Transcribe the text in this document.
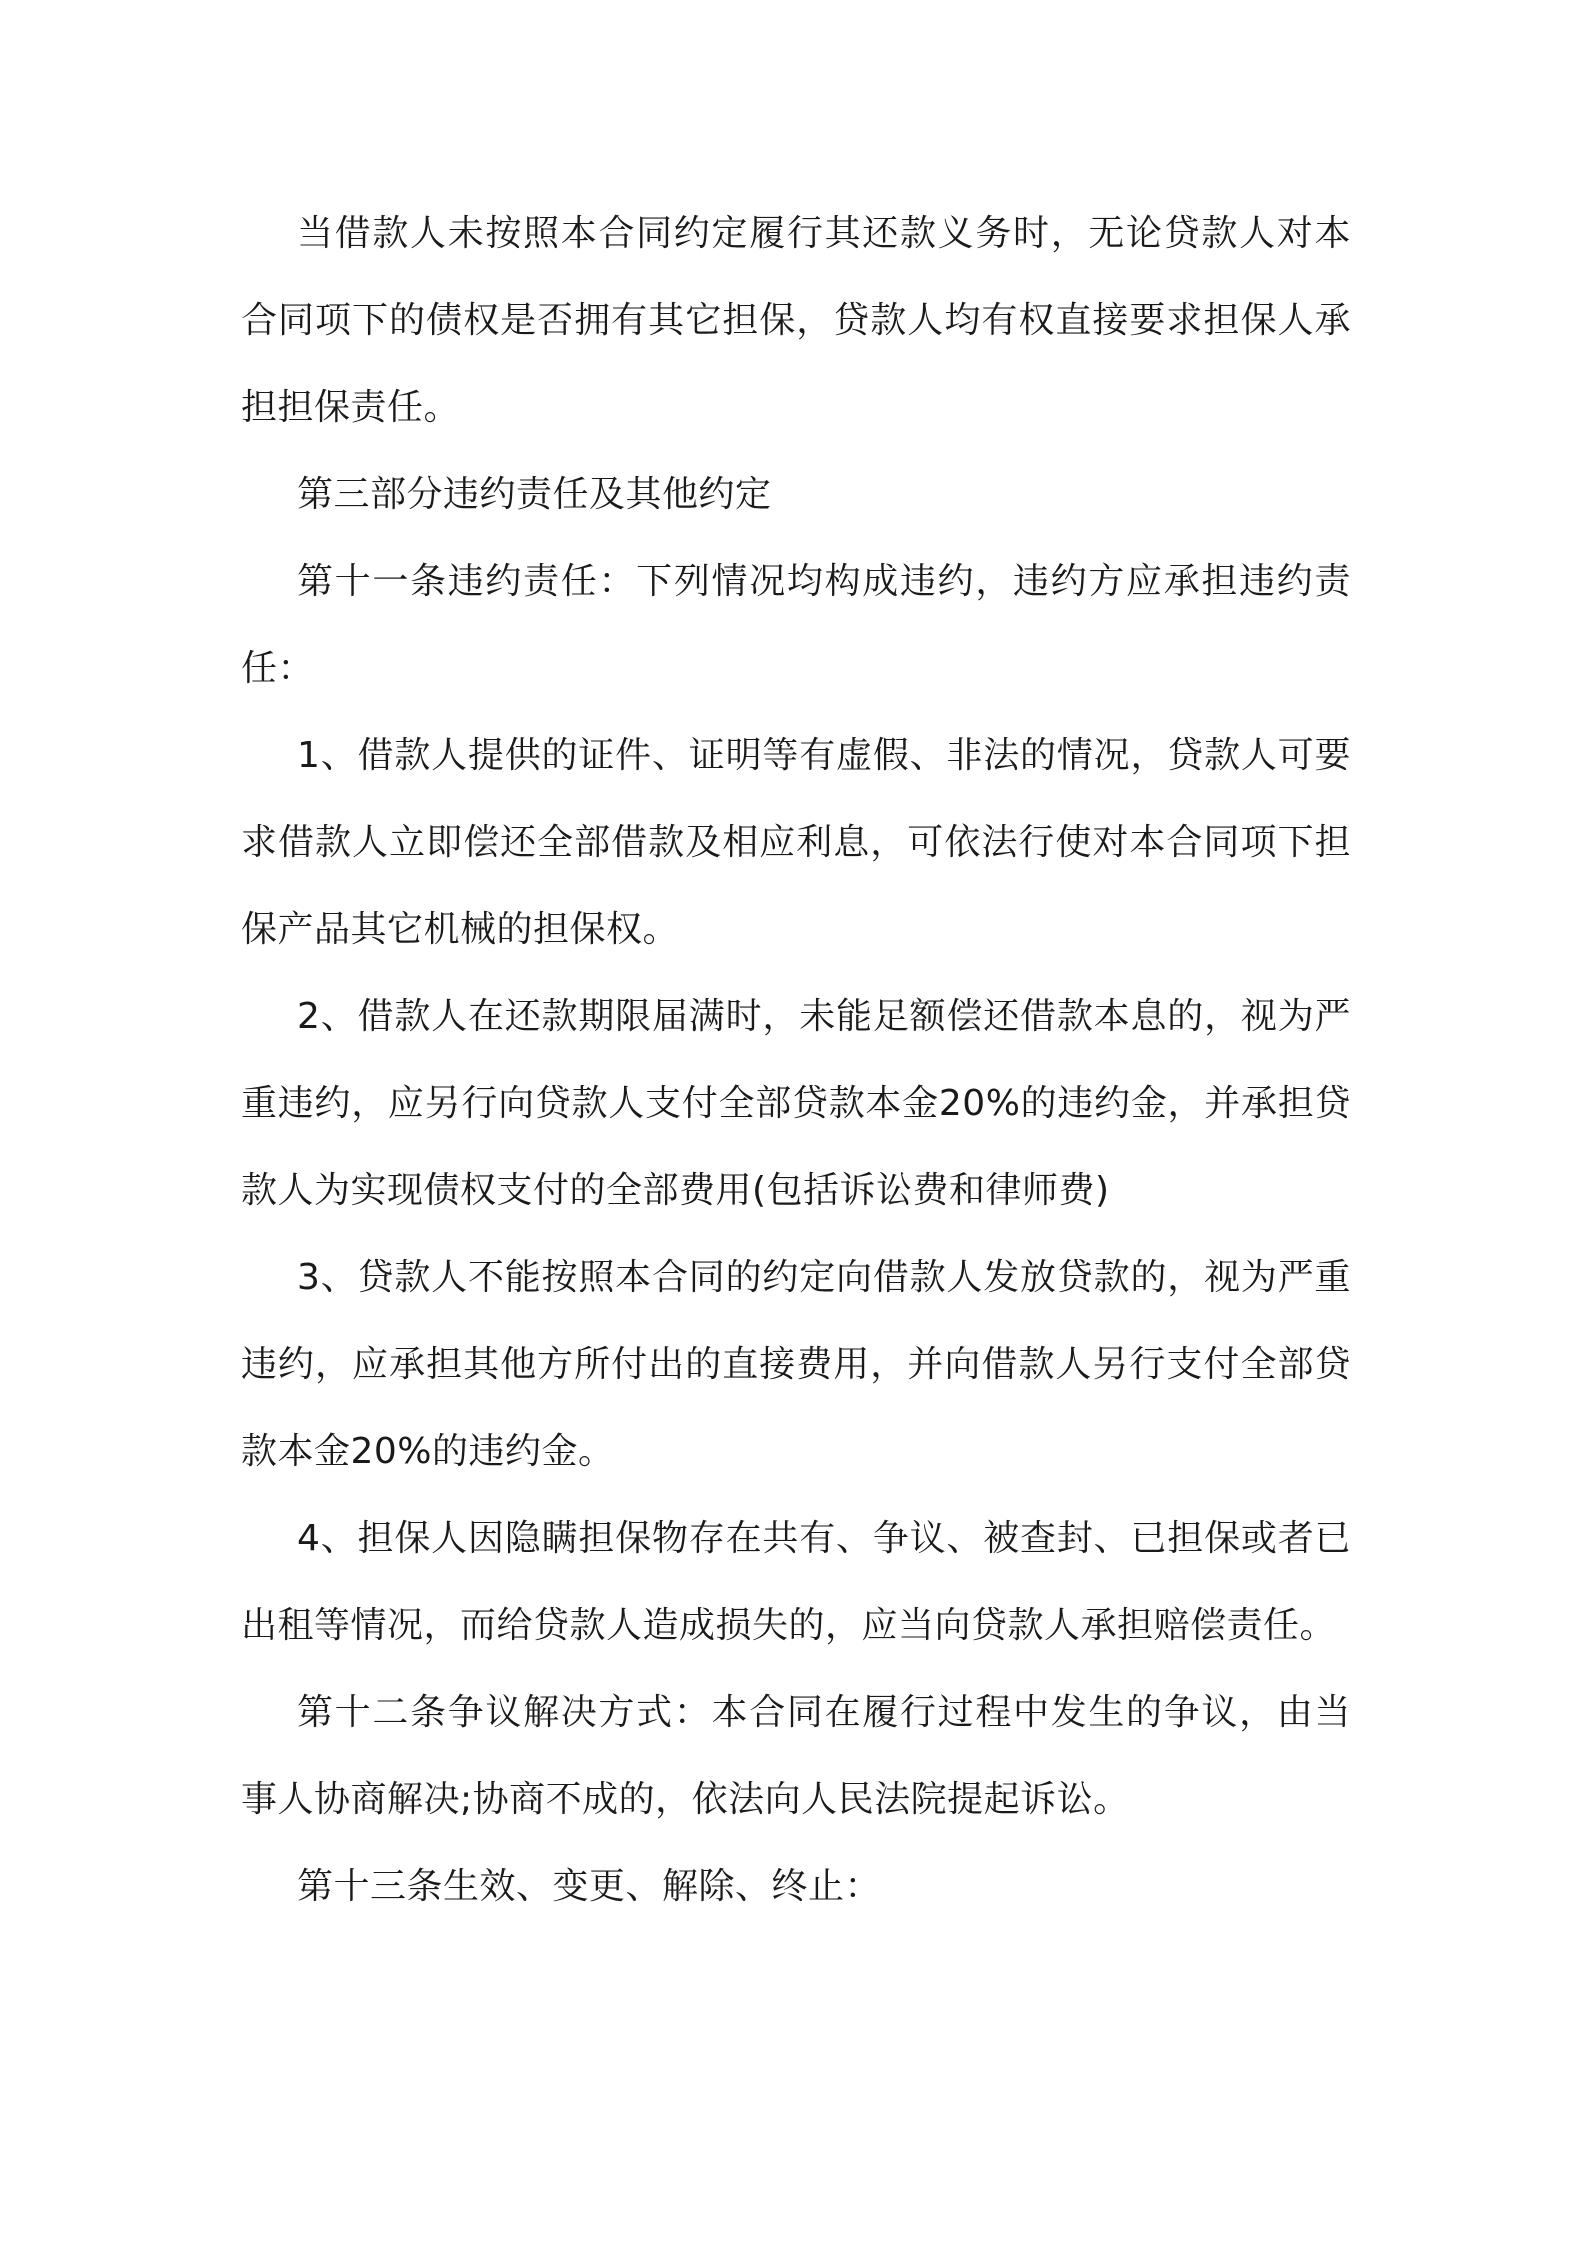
当借款人未按照本合同约定履行其还款义务时，无论贷款人对本合同项下的债权是否拥有其它担保，贷款人均有权直接要求担保人承担担保责任。

第三部分违约责任及其他约定

第十一条违约责任：下列情况均构成违约，违约方应承担违约责任：

1、借款人提供的证件、证明等有虚假、非法的情况，贷款人可要求借款人立即偿还全部借款及相应利息，可依法行使对本合同项下担保产品其它机械的担保权。

2、借款人在还款期限届满时，未能足额偿还借款本息的，视为严重违约，应另行向贷款人支付全部贷款本金20%的违约金，并承担贷款人为实现债权支付的全部费用(包括诉讼费和律师费)

3、贷款人不能按照本合同的约定向借款人发放贷款的，视为严重违约，应承担其他方所付出的直接费用，并向借款人另行支付全部贷款本金20%的违约金。

4、担保人因隐瞒担保物存在共有、争议、被查封、已担保或者已出租等情况，而给贷款人造成损失的，应当向贷款人承担赔偿责任。

第十二条争议解决方式：本合同在履行过程中发生的争议，由当事人协商解决;协商不成的，依法向人民法院提起诉讼。

第十三条生效、变更、解除、终止：
